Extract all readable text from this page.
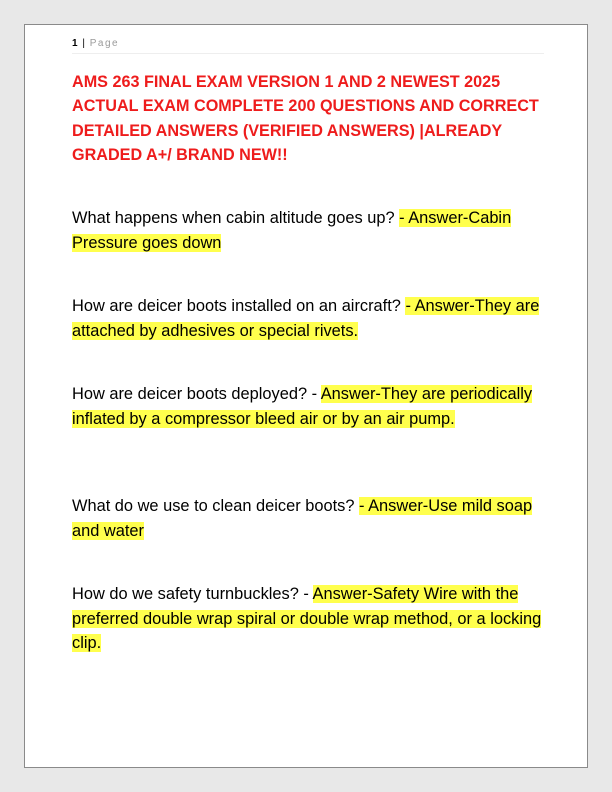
1 | Page
AMS 263 FINAL EXAM VERSION 1 AND 2 NEWEST 2025 ACTUAL EXAM COMPLETE 200 QUESTIONS AND CORRECT DETAILED ANSWERS (VERIFIED ANSWERS) |ALREADY GRADED A+/ BRAND NEW!!

What happens when cabin altitude goes up? - Answer-Cabin Pressure goes down

How are deicer boots installed on an aircraft? - Answer-They are attached by adhesives or special rivets.

How are deicer boots deployed? - Answer-They are periodically inflated by a compressor bleed air or by an air pump.

What do we use to clean deicer boots? - Answer-Use mild soap and water

How do we safety turnbuckles? - Answer-Safety Wire with the preferred double wrap spiral or double wrap method, or a locking clip.
